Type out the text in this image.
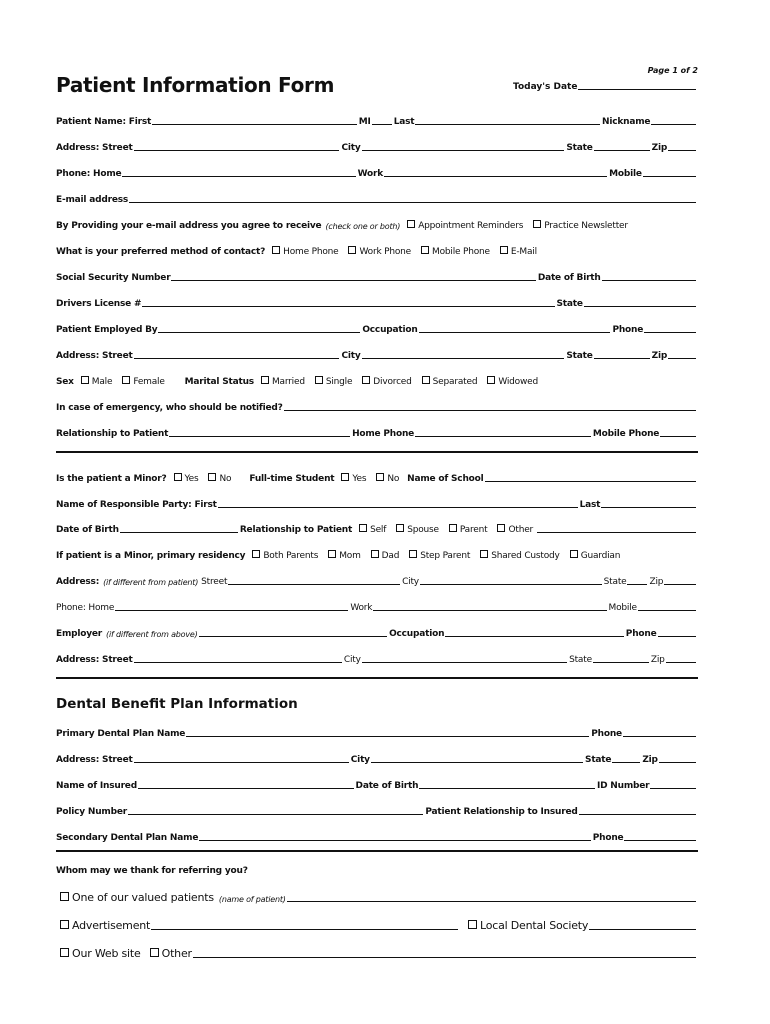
Page 1 of 2
Patient Information Form	Today's Date
Patient Name: First	MI	Last	Nickname
Address: Street	City	State	Zip
Phone: Home	Work	Mobile
E-mail address
By Providing your e-mail address you agree to receive (check one or both)	Appointment Reminders	Practice Newsletter
What is your preferred method of contact?	Home Phone	Work Phone	Mobile Phone	E-Mail
Social Security Number	Date of Birth
Drivers License #	State
Patient Employed By	Occupation	Phone
Address: Street	City	State	Zip
Sex	Male	Female	Marital Status	Married	Single	Divorced	Separated	Widowed
In case of emergency, who should be notified?
Relationship to Patient	Home Phone	Mobile Phone
Is the patient a Minor?	Yes	No	Full-time Student	Yes	No Name of School
Name of Responsible Party: First	Last
Date of Birth	Relationship to Patient	Self	Spouse	Parent	Other
If patient is a Minor, primary residency	Both Parents	Mom	Dad	Step Parent	Shared Custody	Guardian
Address: (if different from patient) Street	City	State	Zip
Phone: Home	Work	Mobile
Employer (if different from above)	Occupation	Phone
Address: Street	City	State	Zip
Dental Benefit Plan Information
Primary Dental Plan Name	Phone
Address: Street	City	State	Zip
Name of Insured	Date of Birth	ID Number
Policy Number	Patient Relationship to Insured
Secondary Dental Plan Name	Phone
Whom may we thank for referring you?
One of our valued patients (name of patient)
Advertisement	Local Dental Society
Our Web site	Other
